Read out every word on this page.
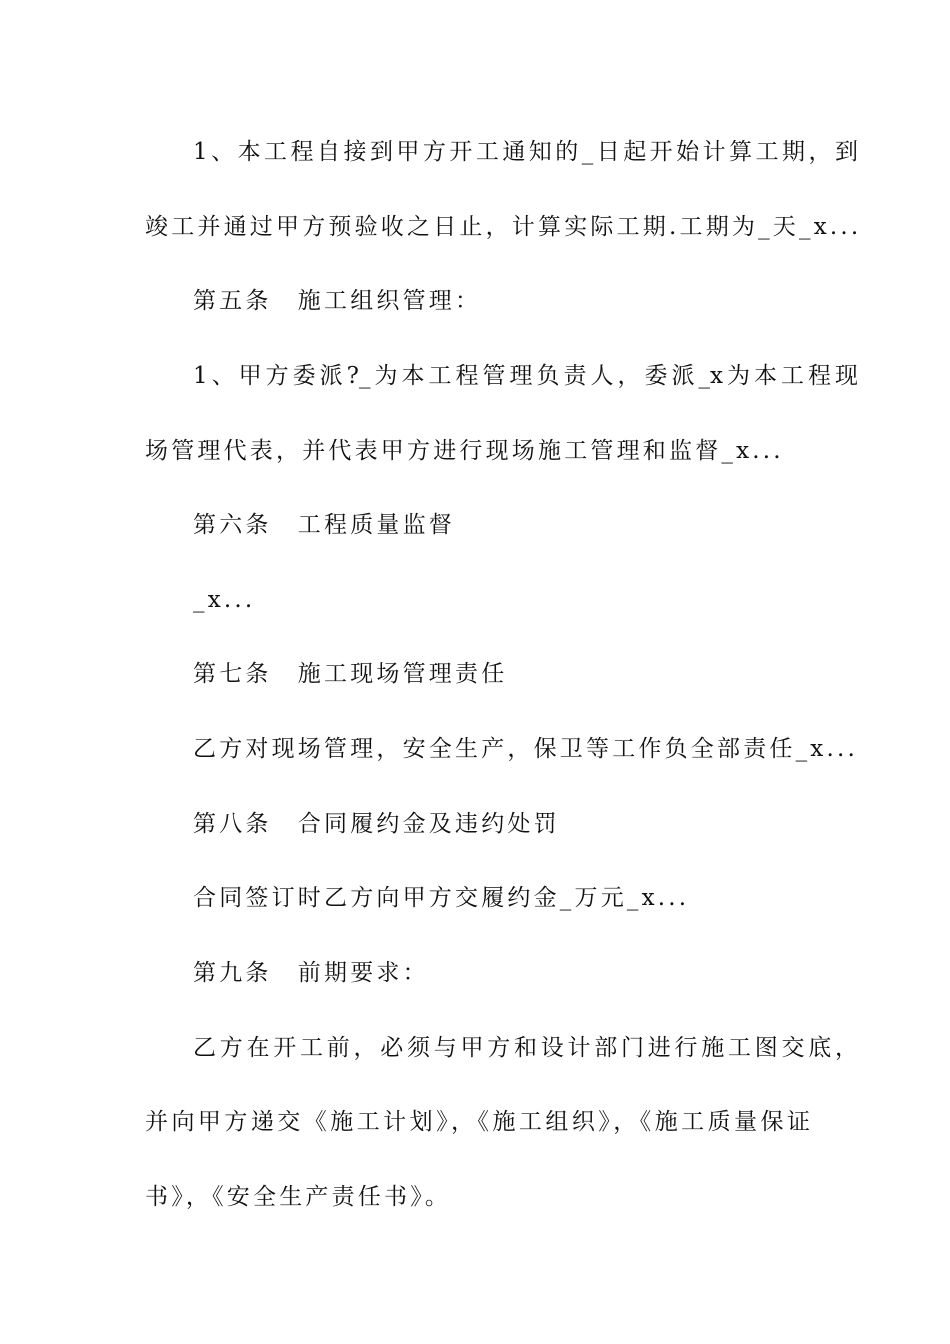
1、本工程自接到甲方开工通知的_日起开始计算工期，到
竣工并通过甲方预验收之日止，计算实际工期.工期为_天_x...
第五条　施工组织管理：
1、甲方委派?_为本工程管理负责人，委派_x为本工程现
场管理代表，并代表甲方进行现场施工管理和监督_x...
第六条　工程质量监督
_x...
第七条　施工现场管理责任
乙方对现场管理，安全生产，保卫等工作负全部责任_x...
第八条　合同履约金及违约处罚
合同签订时乙方向甲方交履约金_万元_x...
第九条　前期要求：
乙方在开工前，必须与甲方和设计部门进行施工图交底，
并向甲方递交《施工计划》，《施工组织》，《施工质量保证
书》，《安全生产责任书》。
